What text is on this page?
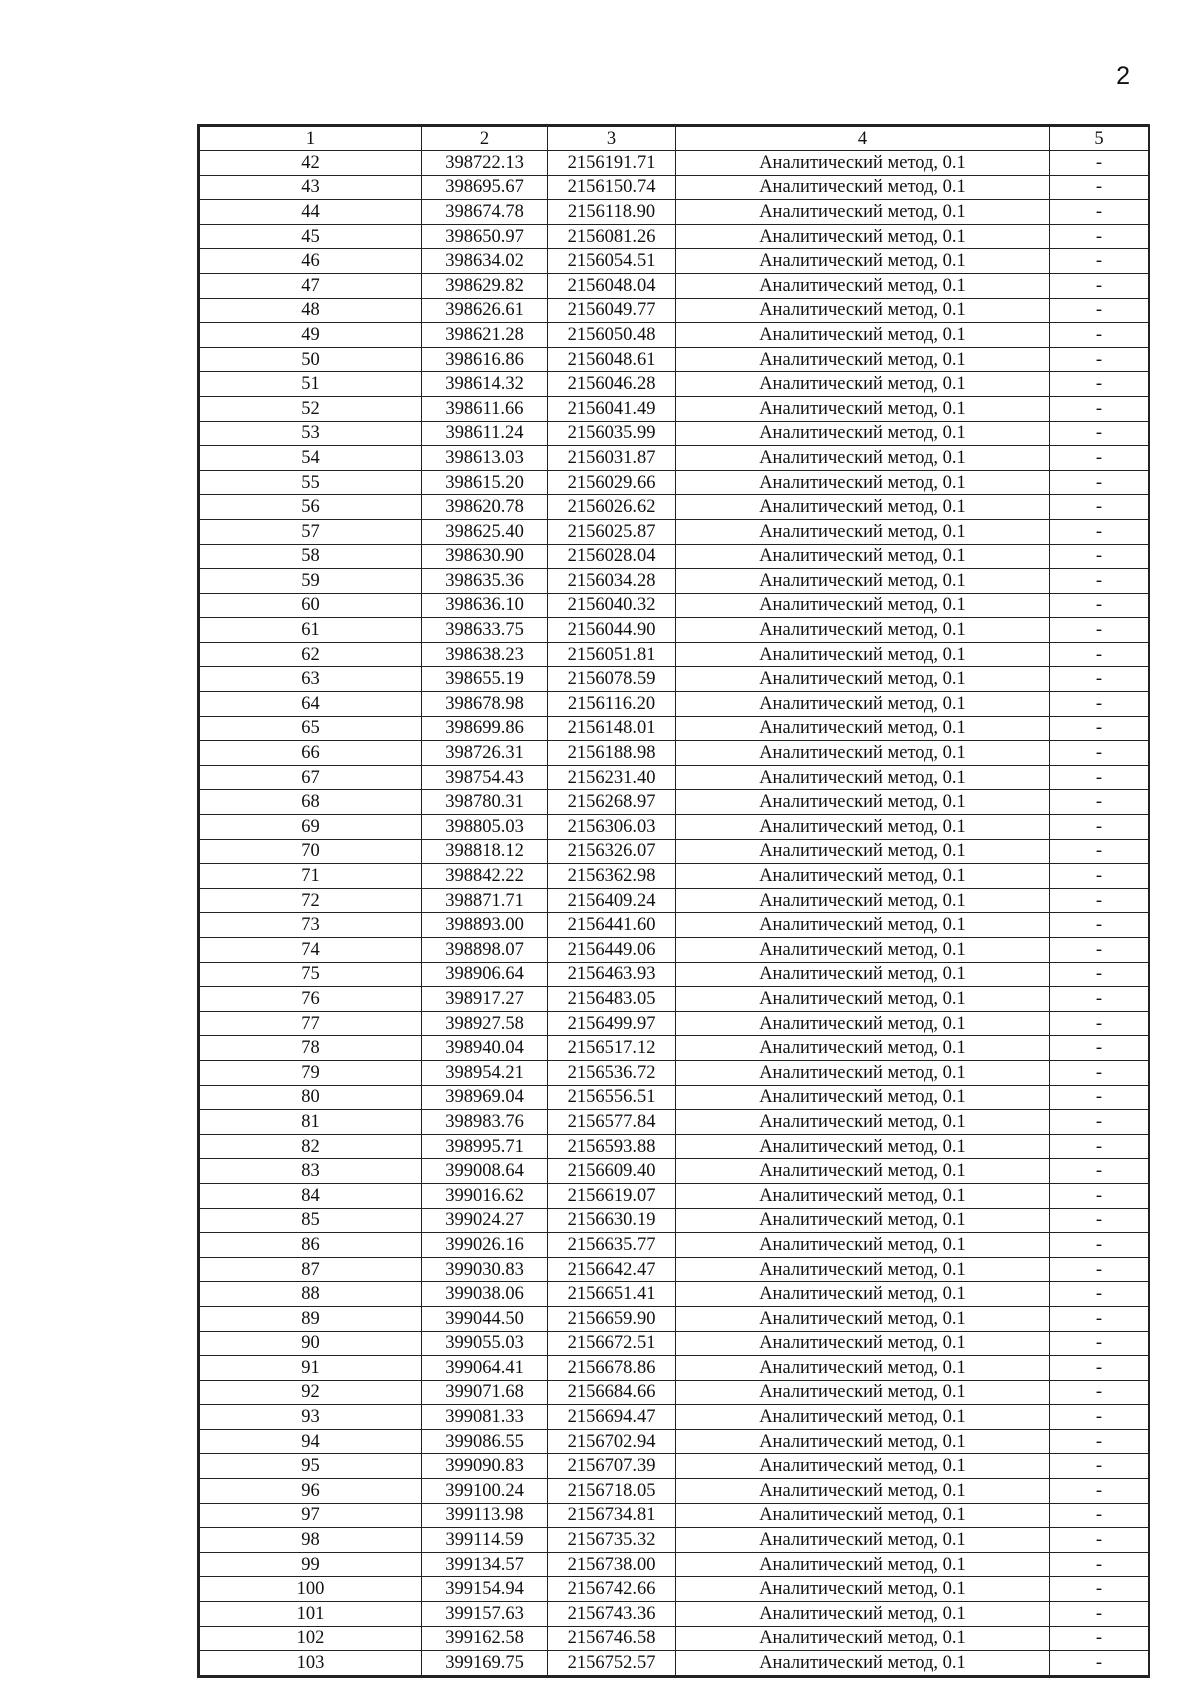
2
1	2	3	4	5
42	398722.13	2156191.71	Аналитический метод, 0.1	-
43	398695.67	2156150.74	Аналитический метод, 0.1	-
44	398674.78	2156118.90	Аналитический метод, 0.1	-
45	398650.97	2156081.26	Аналитический метод, 0.1	-
46	398634.02	2156054.51	Аналитический метод, 0.1	-
47	398629.82	2156048.04	Аналитический метод, 0.1	-
48	398626.61	2156049.77	Аналитический метод, 0.1	-
49	398621.28	2156050.48	Аналитический метод, 0.1	-
50	398616.86	2156048.61	Аналитический метод, 0.1	-
51	398614.32	2156046.28	Аналитический метод, 0.1	-
52	398611.66	2156041.49	Аналитический метод, 0.1	-
53	398611.24	2156035.99	Аналитический метод, 0.1	-
54	398613.03	2156031.87	Аналитический метод, 0.1	-
55	398615.20	2156029.66	Аналитический метод, 0.1	-
56	398620.78	2156026.62	Аналитический метод, 0.1	-
57	398625.40	2156025.87	Аналитический метод, 0.1	-
58	398630.90	2156028.04	Аналитический метод, 0.1	-
59	398635.36	2156034.28	Аналитический метод, 0.1	-
60	398636.10	2156040.32	Аналитический метод, 0.1	-
61	398633.75	2156044.90	Аналитический метод, 0.1	-
62	398638.23	2156051.81	Аналитический метод, 0.1	-
63	398655.19	2156078.59	Аналитический метод, 0.1	-
64	398678.98	2156116.20	Аналитический метод, 0.1	-
65	398699.86	2156148.01	Аналитический метод, 0.1	-
66	398726.31	2156188.98	Аналитический метод, 0.1	-
67	398754.43	2156231.40	Аналитический метод, 0.1	-
68	398780.31	2156268.97	Аналитический метод, 0.1	-
69	398805.03	2156306.03	Аналитический метод, 0.1	-
70	398818.12	2156326.07	Аналитический метод, 0.1	-
71	398842.22	2156362.98	Аналитический метод, 0.1	-
72	398871.71	2156409.24	Аналитический метод, 0.1	-
73	398893.00	2156441.60	Аналитический метод, 0.1	-
74	398898.07	2156449.06	Аналитический метод, 0.1	-
75	398906.64	2156463.93	Аналитический метод, 0.1	-
76	398917.27	2156483.05	Аналитический метод, 0.1	-
77	398927.58	2156499.97	Аналитический метод, 0.1	-
78	398940.04	2156517.12	Аналитический метод, 0.1	-
79	398954.21	2156536.72	Аналитический метод, 0.1	-
80	398969.04	2156556.51	Аналитический метод, 0.1	-
81	398983.76	2156577.84	Аналитический метод, 0.1	-
82	398995.71	2156593.88	Аналитический метод, 0.1	-
83	399008.64	2156609.40	Аналитический метод, 0.1	-
84	399016.62	2156619.07	Аналитический метод, 0.1	-
85	399024.27	2156630.19	Аналитический метод, 0.1	-
86	399026.16	2156635.77	Аналитический метод, 0.1	-
87	399030.83	2156642.47	Аналитический метод, 0.1	-
88	399038.06	2156651.41	Аналитический метод, 0.1	-
89	399044.50	2156659.90	Аналитический метод, 0.1	-
90	399055.03	2156672.51	Аналитический метод, 0.1	-
91	399064.41	2156678.86	Аналитический метод, 0.1	-
92	399071.68	2156684.66	Аналитический метод, 0.1	-
93	399081.33	2156694.47	Аналитический метод, 0.1	-
94	399086.55	2156702.94	Аналитический метод, 0.1	-
95	399090.83	2156707.39	Аналитический метод, 0.1	-
96	399100.24	2156718.05	Аналитический метод, 0.1	-
97	399113.98	2156734.81	Аналитический метод, 0.1	-
98	399114.59	2156735.32	Аналитический метод, 0.1	-
99	399134.57	2156738.00	Аналитический метод, 0.1	-
100	399154.94	2156742.66	Аналитический метод, 0.1	-
101	399157.63	2156743.36	Аналитический метод, 0.1	-
102	399162.58	2156746.58	Аналитический метод, 0.1	-
103	399169.75	2156752.57	Аналитический метод, 0.1	-
